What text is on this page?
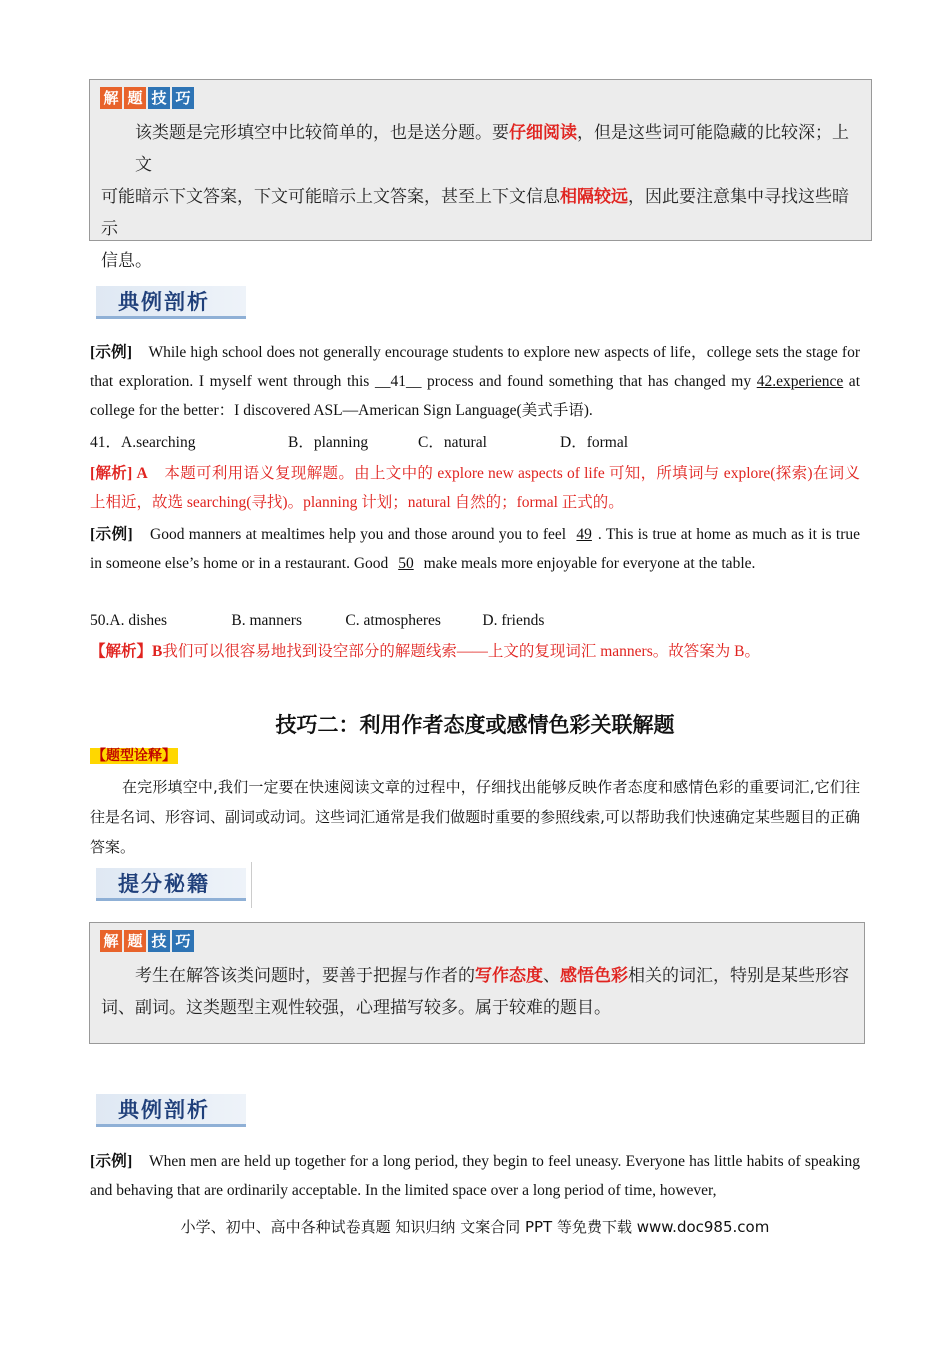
解 题 技 巧
该类题是完形填空中比较简单的，也是送分题。要仔细阅读，但是这些词可能隐藏的比较深；上文
可能暗示下文答案，下文可能暗示上文答案，甚至上下文信息相隔较远，因此要注意集中寻找这些暗示
信息。
典例剖析
[示例] While high school does not generally encourage students to explore new aspects of life，college sets the stage for that exploration. I myself went through this __41__ process and found something that has changed my 42.experience at college for the better：I discovered ASL—American Sign Language(美式手语).
41．A.searching	B．planning	C．natural	D．formal
[解析] A 本题可利用语义复现解题。由上文中的 explore new aspects of life 可知，所填词与 explore(探索)在词义上相近，故选 searching(寻找)。planning 计划；natural 自然的；formal 正式的。
[示例] Good manners at mealtimes help you and those around you to feel 49 . This is true at home as much as it is true in someone else’s home or in a restaurant. Good 50 make meals more enjoyable for everyone at the table.
50.A. dishes	B. manners	C. atmospheres	D. friends
【解析】B我们可以很容易地找到设空部分的解题线索——上文的复现词汇 manners。故答案为 B。
技巧二：利用作者态度或感情色彩关联解题
【题型诠释】
在完形填空中,我们一定要在快速阅读文章的过程中，仔细找出能够反映作者态度和感情色彩的重要词汇,它们往往是名词、形容词、副词或动词。这些词汇通常是我们做题时重要的参照线索,可以帮助我们快速确定某些题目的正确答案。
提分秘籍
解 题 技 巧
考生在解答该类问题时，要善于把握与作者的写作态度、感悟色彩相关的词汇，特别是某些形容
词、副词。这类题型主观性较强，心理描写较多。属于较难的题目。
典例剖析
[示例] When men are held up together for a long period, they begin to feel uneasy. Everyone has little habits of speaking and behaving that are ordinarily acceptable. In the limited space over a long period of time, however,
小学、初中、高中各种试卷真题 知识归纳 文案合同 PPT 等免费下载 www.doc985.com
